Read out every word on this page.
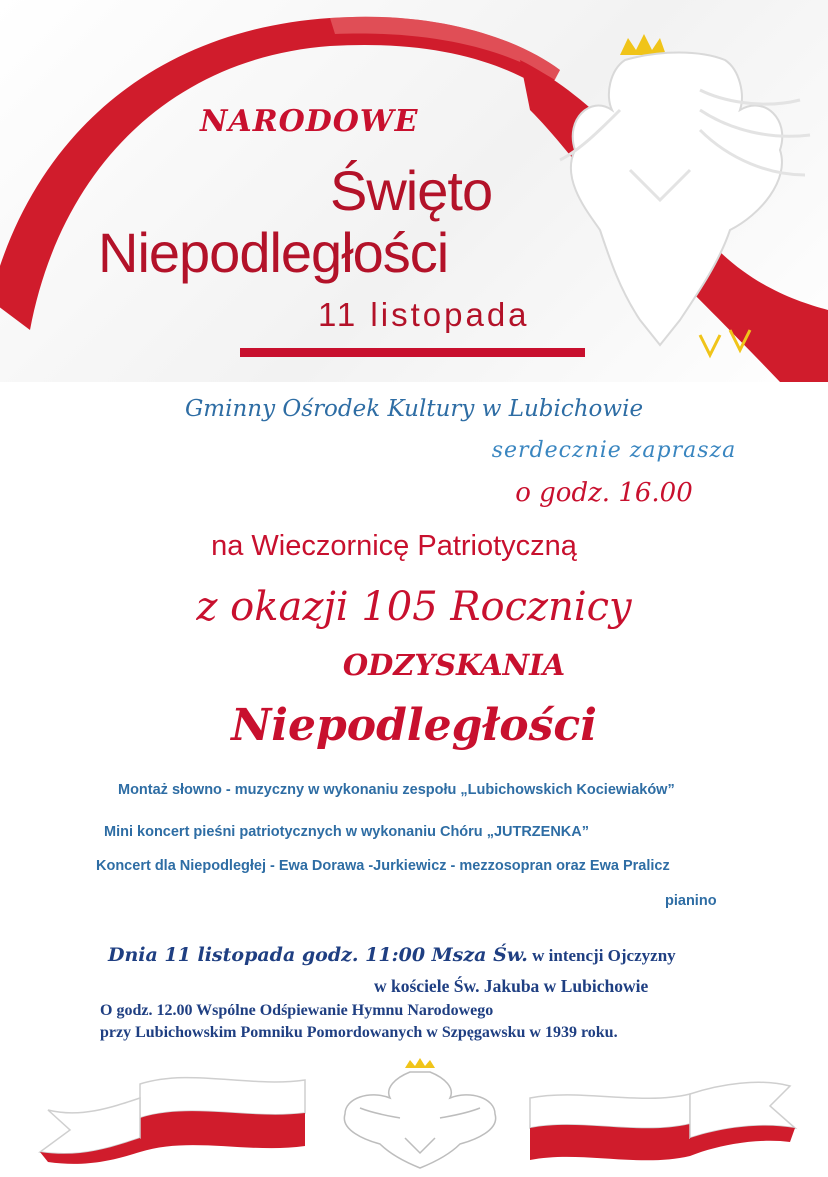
NARODOWE
Święto
Niepodległości
11 listopada
Gminny Ośrodek Kultury w Lubichowie
serdecznie zaprasza
o godz. 16.00
na Wieczornicę Patriotyczną
z okazji 105 Rocznicy
ODZYSKANIA
Niepodległości
Montaż słowno - muzyczny w wykonaniu zespołu „Lubichowskich Kociewiaków”
Mini koncert pieśni patriotycznych w wykonaniu Chóru „JUTRZENKA”
Koncert dla Niepodległej - Ewa Dorawa -Jurkiewicz - mezzosopran oraz Ewa Pralicz
pianino
Dnia 11 listopada godz. 11:00 Msza Św. w intencji Ojczyzny
w kościele Św. Jakuba w Lubichowie
O godz. 12.00 Wspólne Odśpiewanie Hymnu Narodowego
przy Lubichowskim Pomniku Pomordowanych w Szpęgawsku w 1939 roku.
